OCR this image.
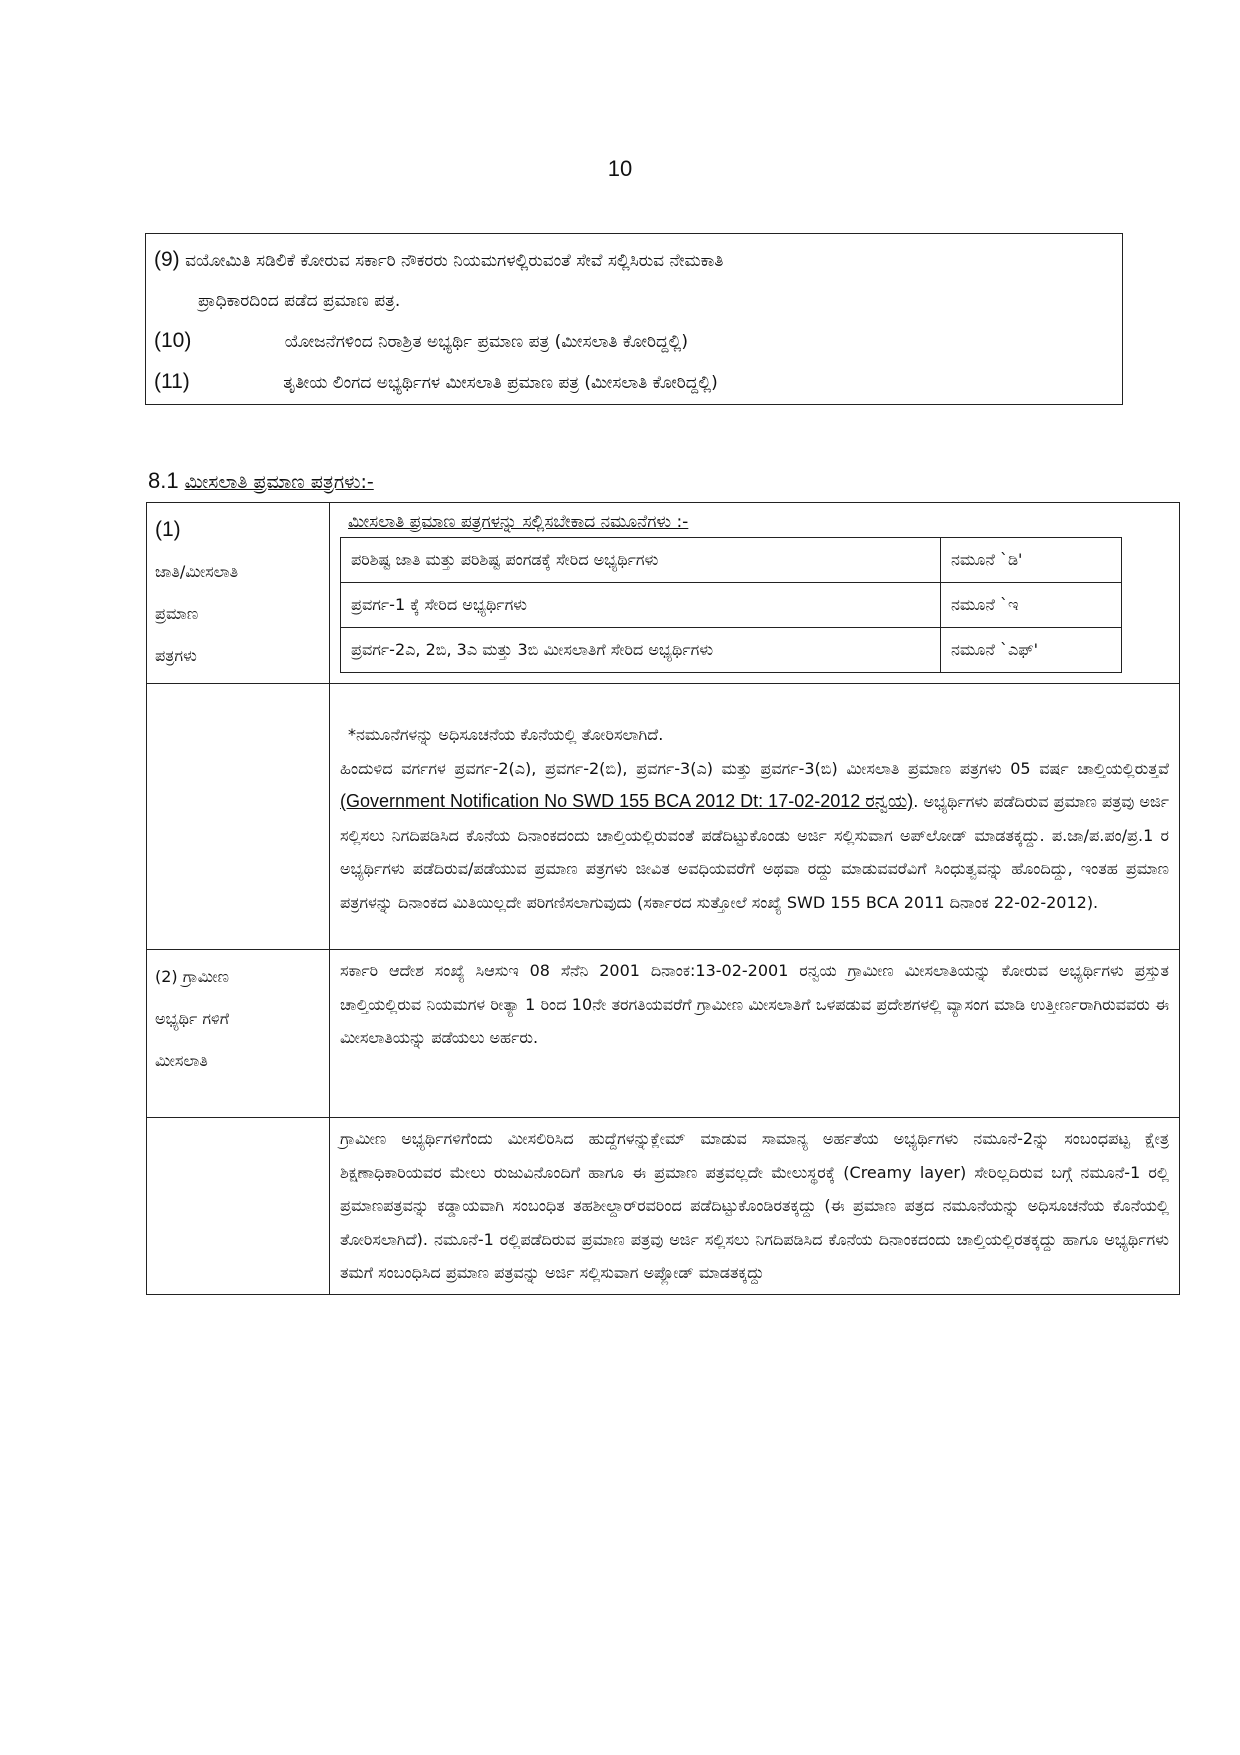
10
(9) ವಯೋಮಿತಿ ಸಡಿಲಿಕೆ ಕೋರುವ ಸರ್ಕಾರಿ ನೌಕರರು ನಿಯಮಗಳಲ್ಲಿರುವಂತೆ ಸೇವೆ ಸಲ್ಲಿಸಿರುವ ನೇಮಕಾತಿ
ಪ್ರಾಧಿಕಾರದಿಂದ ಪಡೆದ ಪ್ರಮಾಣ ಪತ್ರ.
(10)	ಯೋಜನೆಗಳಿಂದ ನಿರಾಶ್ರಿತ ಅಭ್ಯರ್ಥಿ ಪ್ರಮಾಣ ಪತ್ರ (ಮೀಸಲಾತಿ ಕೋರಿದ್ದಲ್ಲಿ)
(11)	ತೃತೀಯ ಲಿಂಗದ ಅಭ್ಯರ್ಥಿಗಳ ಮೀಸಲಾತಿ ಪ್ರಮಾಣ ಪತ್ರ (ಮೀಸಲಾತಿ ಕೋರಿದ್ದಲ್ಲಿ)
8.1 ಮೀಸಲಾತಿ ಪ್ರಮಾಣ ಪತ್ರಗಳು:-
(1)
ಜಾತಿ/ಮೀಸಲಾತಿ
ಪ್ರಮಾಣ
ಪತ್ರಗಳು

ಮೀಸಲಾತಿ ಪ್ರಮಾಣ ಪತ್ರಗಳನ್ನು ಸಲ್ಲಿಸಬೇಕಾದ ನಮೂನೆಗಳು :-
ಪರಿಶಿಷ್ಟ ಜಾತಿ ಮತ್ತು ಪರಿಶಿಷ್ಟ ಪಂಗಡಕ್ಕೆ ಸೇರಿದ ಅಭ್ಯರ್ಥಿಗಳು	ನಮೂನೆ `ಡಿ'
ಪ್ರವರ್ಗ-1 ಕ್ಕೆ ಸೇರಿದ ಅಭ್ಯರ್ಥಿಗಳು	ನಮೂನೆ `ಇ
ಪ್ರವರ್ಗ-2ಎ, 2ಬಿ, 3ಎ ಮತ್ತು 3ಬಿ ಮೀಸಲಾತಿಗೆ ಸೇರಿದ ಅಭ್ಯರ್ಥಿಗಳು	ನಮೂನೆ `ಎಫ್'

*ನಮೂನೆಗಳನ್ನು ಅಧಿಸೂಚನೆಯ ಕೊನೆಯಲ್ಲಿ ತೋರಿಸಲಾಗಿದೆ.
ಹಿಂದುಳಿದ ವರ್ಗಗಳ ಪ್ರವರ್ಗ-2(ಎ), ಪ್ರವರ್ಗ-2(ಬಿ), ಪ್ರವರ್ಗ-3(ಎ) ಮತ್ತು ಪ್ರವರ್ಗ-3(ಬಿ) ಮೀಸಲಾತಿ ಪ್ರಮಾಣ ಪತ್ರಗಳು 05 ವರ್ಷ ಚಾಲ್ತಿಯಲ್ಲಿರುತ್ತವೆ (Government Notification No SWD 155 BCA 2012 Dt: 17-02-2012 ರನ್ವಯ). ಅಭ್ಯರ್ಥಿಗಳು ಪಡೆದಿರುವ ಪ್ರಮಾಣ ಪತ್ರವು ಅರ್ಜಿ ಸಲ್ಲಿಸಲು ನಿಗದಿಪಡಿಸಿದ ಕೊನೆಯ ದಿನಾಂಕದಂದು ಚಾಲ್ತಿಯಲ್ಲಿರುವಂತೆ ಪಡೆದಿಟ್ಟುಕೊಂಡು ಅರ್ಜಿ ಸಲ್ಲಿಸುವಾಗ ಅಪ್‌ಲೋಡ್ ಮಾಡತಕ್ಕದ್ದು. ಪ.ಜಾ/ಪ.ಪಂ/ಪ್ರ.1 ರ ಅಭ್ಯರ್ಥಿಗಳು ಪಡೆದಿರುವ/ಪಡೆಯುವ ಪ್ರಮಾಣ ಪತ್ರಗಳು ಜೀವಿತ ಅವಧಿಯವರೆಗೆ ಅಥವಾ ರದ್ದು ಮಾಡುವವರೆವಿಗೆ ಸಿಂಧುತ್ವವನ್ನು ಹೊಂದಿದ್ದು, ಇಂತಹ ಪ್ರಮಾಣ ಪತ್ರಗಳನ್ನು ದಿನಾಂಕದ ಮಿತಿಯಿಲ್ಲದೇ ಪರಿಗಣಿಸಲಾಗುವುದು (ಸರ್ಕಾರದ ಸುತ್ತೋಲೆ ಸಂಖ್ಯೆ SWD 155 BCA 2011 ದಿನಾಂಕ 22-02-2012).

(2) ಗ್ರಾಮೀಣ
ಅಭ್ಯರ್ಥಿ ಗಳಿಗೆ
ಮೀಸಲಾತಿ

ಸರ್ಕಾರಿ ಆದೇಶ ಸಂಖ್ಯೆ ಸಿಆಸುಇ 08 ಸೆನೆನಿ 2001 ದಿನಾಂಕ:13-02-2001 ರನ್ವಯ ಗ್ರಾಮೀಣ ಮೀಸಲಾತಿಯನ್ನು ಕೋರುವ ಅಭ್ಯರ್ಥಿಗಳು ಪ್ರಸ್ತುತ ಚಾಲ್ತಿಯಲ್ಲಿರುವ ನಿಯಮಗಳ ರೀತ್ಯಾ 1 ರಿಂದ 10ನೇ ತರಗತಿಯವರೆಗೆ ಗ್ರಾಮೀಣ ಮೀಸಲಾತಿಗೆ ಒಳಪಡುವ ಪ್ರದೇಶಗಳಲ್ಲಿ ವ್ಯಾಸಂಗ ಮಾಡಿ ಉತ್ತೀರ್ಣರಾಗಿರುವವರು ಈ ಮೀಸಲಾತಿಯನ್ನು ಪಡೆಯಲು ಅರ್ಹರು.

ಗ್ರಾಮೀಣ ಅಭ್ಯರ್ಥಿಗಳಿಗೆಂದು ಮೀಸಲಿರಿಸಿದ ಹುದ್ದೆಗಳನ್ನುಕ್ಲೇಮ್ ಮಾಡುವ ಸಾಮಾನ್ಯ ಅರ್ಹತೆಯ ಅಭ್ಯರ್ಥಿಗಳು ನಮೂನೆ-2ನ್ನು ಸಂಬಂಧಪಟ್ಟ ಕ್ಷೇತ್ರ ಶಿಕ್ಷಣಾಧಿಕಾರಿಯವರ ಮೇಲು ರುಜುವಿನೊಂದಿಗೆ ಹಾಗೂ ಈ ಪ್ರಮಾಣ ಪತ್ರವಲ್ಲದೇ ಮೇಲುಸ್ಥರಕ್ಕೆ (Creamy layer) ಸೇರಿಲ್ಲದಿರುವ ಬಗ್ಗೆ ನಮೂನೆ-1 ರಲ್ಲಿ ಪ್ರಮಾಣಪತ್ರವನ್ನು ಕಡ್ಡಾಯವಾಗಿ ಸಂಬಂಧಿತ ತಹಶೀಲ್ದಾರ್‌ರವರಿಂದ ಪಡೆದಿಟ್ಟುಕೊಂಡಿರತಕ್ಕದ್ದು (ಈ ಪ್ರಮಾಣ ಪತ್ರದ ನಮೂನೆಯನ್ನು ಅಧಿಸೂಚನೆಯ ಕೊನೆಯಲ್ಲಿ ತೋರಿಸಲಾಗಿದೆ). ನಮೂನೆ-1 ರಲ್ಲಿಪಡೆದಿರುವ ಪ್ರಮಾಣ ಪತ್ರವು ಅರ್ಜಿ ಸಲ್ಲಿಸಲು ನಿಗದಿಪಡಿಸಿದ ಕೊನೆಯ ದಿನಾಂಕದಂದು ಚಾಲ್ತಿಯಲ್ಲಿರತಕ್ಕದ್ದು ಹಾಗೂ ಅಭ್ಯರ್ಥಿಗಳು ತಮಗೆ ಸಂಬಂಧಿಸಿದ ಪ್ರಮಾಣ ಪತ್ರವನ್ನು ಅರ್ಜಿ ಸಲ್ಲಿಸುವಾಗ ಅಪ್ಲೋಡ್ ಮಾಡತಕ್ಕದ್ದು
